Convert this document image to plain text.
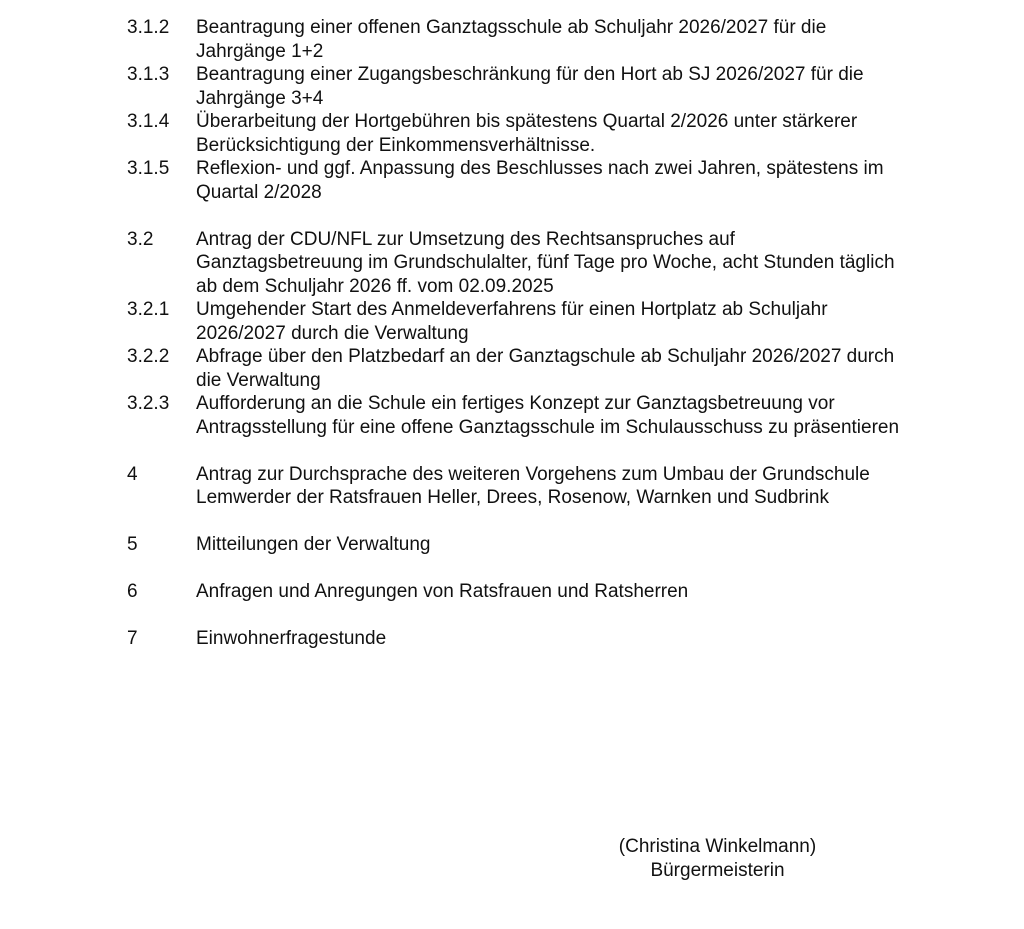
3.1.2	Beantragung einer offenen Ganztagsschule ab Schuljahr 2026/2027 für die Jahrgänge 1+2
3.1.3	Beantragung einer Zugangsbeschränkung für den Hort ab SJ 2026/2027 für die Jahrgänge 3+4
3.1.4	Überarbeitung der Hortgebühren bis spätestens Quartal 2/2026 unter stärkerer Berücksichtigung der Einkommensverhältnisse.
3.1.5	Reflexion- und ggf. Anpassung des Beschlusses nach zwei Jahren, spätestens im Quartal 2/2028
3.2	Antrag der CDU/NFL zur Umsetzung des Rechtsanspruches auf Ganztagsbetreuung im Grundschulalter, fünf Tage pro Woche, acht Stunden täglich ab dem Schuljahr 2026 ff. vom 02.09.2025
3.2.1	Umgehender Start des Anmeldeverfahrens für einen Hortplatz ab Schuljahr 2026/2027 durch die Verwaltung
3.2.2	Abfrage über den Platzbedarf an der Ganztagschule ab Schuljahr 2026/2027 durch die Verwaltung
3.2.3	Aufforderung an die Schule ein fertiges Konzept zur Ganztagsbetreuung vor Antragsstellung für eine offene Ganztagsschule im Schulausschuss zu präsentieren
4	Antrag zur Durchsprache des weiteren Vorgehens zum Umbau der Grundschule Lemwerder der Ratsfrauen Heller, Drees, Rosenow, Warnken und Sudbrink
5	Mitteilungen der Verwaltung
6	Anfragen und Anregungen von Ratsfrauen und Ratsherren
7	Einwohnerfragestunde
(Christina Winkelmann)
Bürgermeisterin
